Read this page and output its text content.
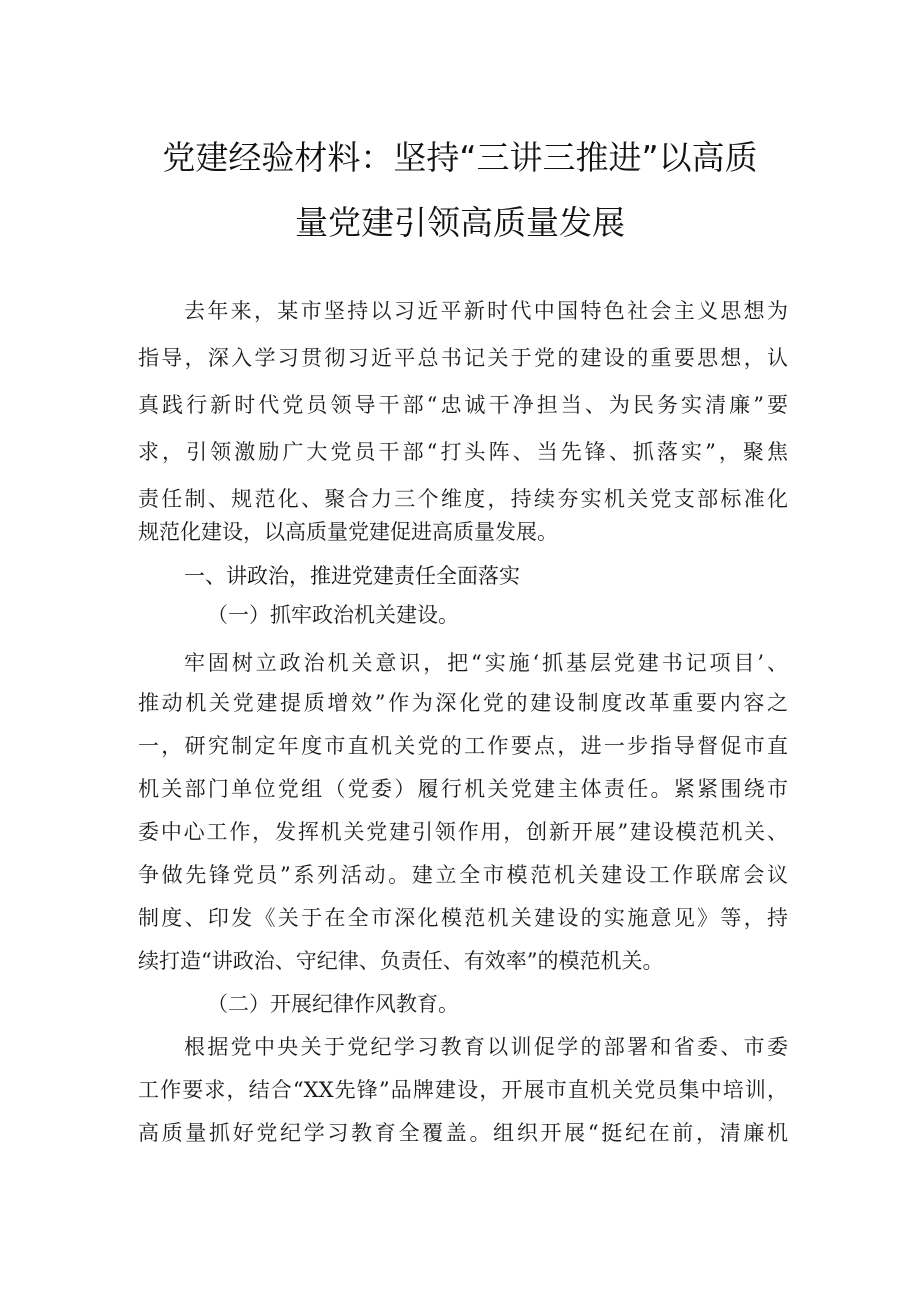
党建经验材料：坚持“三讲三推进”以高质
量党建引领高质量发展
去年来，某市坚持以习近平新时代中国特色社会主义思想为
指导，深入学习贯彻习近平总书记关于党的建设的重要思想，认
真践行新时代党员领导干部“忠诚干净担当、为民务实清廉”要
求，引领激励广大党员干部“打头阵、当先锋、抓落实”，聚焦
责任制、规范化、聚合力三个维度，持续夯实机关党支部标准化
规范化建设，以高质量党建促进高质量发展。
一、讲政治，推进党建责任全面落实
（一）抓牢政治机关建设。
牢固树立政治机关意识，把“实施‘抓基层党建书记项目’、
推动机关党建提质增效”作为深化党的建设制度改革重要内容之
一，研究制定年度市直机关党的工作要点，进一步指导督促市直
机关部门单位党组（党委）履行机关党建主体责任。紧紧围绕市
委中心工作，发挥机关党建引领作用，创新开展”建设模范机关、
争做先锋党员”系列活动。建立全市模范机关建设工作联席会议
制度、印发《关于在全市深化模范机关建设的实施意见》等，持
续打造“讲政治、守纪律、负责任、有效率”的模范机关。
（二）开展纪律作风教育。
根据党中央关于党纪学习教育以训促学的部署和省委、市委
工作要求，结合“XX先锋”品牌建设，开展市直机关党员集中培训，
高质量抓好党纪学习教育全覆盖。组织开展“挺纪在前，清廉机
